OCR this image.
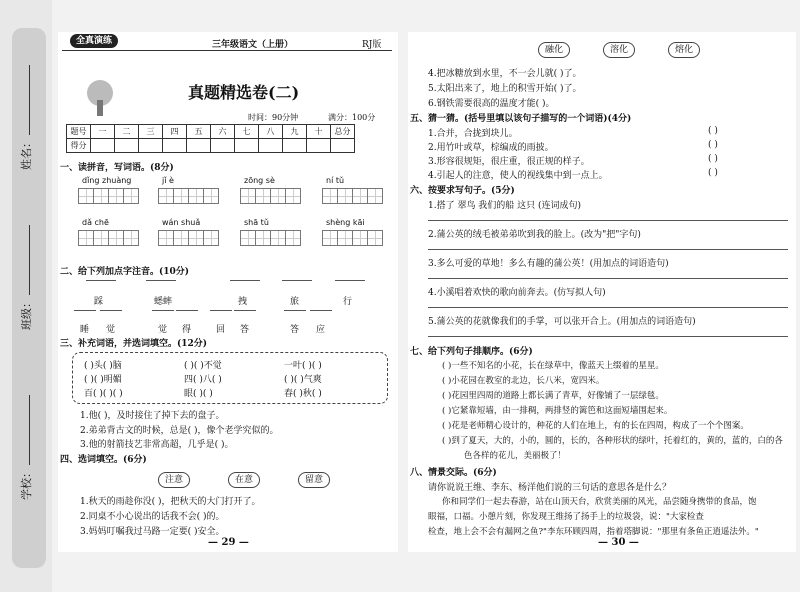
姓名：
班级：
学校：
全真演练	三年级语文（上册）	RJ版
真题精选卷(二)
时间：90分钟	满分：100分
题号	一	二	三	四	五	六	七	八	九	十	总分
得分											
一、读拼音，写词语。(8分)
二、给下列加点字注音。(10分)
三、补充词语，并选词填空。(12分)
1.他( )，及时接住了掉下去的盘子。
2.弟弟背古文的时候，总是( )，像个老学究似的。
3.他的射箭技艺非常高超，几乎是( )。
四、选词填空。(6分)
注意	在意	留意
1.秋天的雨趁你没( )，把秋天的大门打开了。
2.同桌不小心说出的话我不会( )的。
3.妈妈叮嘱我过马路一定要( )安全。
— 29 —
dǐng zhuàng	jǐ è	zōng sè	ní tǔ
dǎ chē	wán shuǎ	shā tǔ	shèng kāi
踩	蟋蟀	拽	旅	行
睡 觉	觉 得	回 答	答 应
( )头( )脑	( )( )不觉	一叶( )( )
( )( )明媚	四( )八( )	( )( )气爽
百( )( )( )	眼( )( )	春( )秋( )
融化	溶化	熔化
4.把冰糖放到水里，不一会儿就( )了。
5.太阳出来了，地上的积雪开始( )了。
6.钢铁需要很高的温度才能( )。
五、猜一猜。(括号里填以该句子描写的一个词语)(4分)
六、按要求写句子。(5分)
七、给下列句子排顺序。(6分)
八、情景交际。(6分)
请你说说王维、李东、杨洋他们说的三句话的意思各是什么？
你和同学们一起去春游，站在山顶天台，欣赏美丽的风光，品尝随身携带的食品，饱
眼福，口福。小憩片刻，你发现王维扬了扬手上的垃圾袋，说："大家检查
检查，地上会不会有漏网之鱼?"李东环顾四周，指着塔脚说："那里有条鱼正逍遥法外。"
— 30 —
1.合并，合拢到块儿。	( )
2.用竹叶或草，棕编成的雨披。	( )
3.形容很规矩，很庄重，很正规的样子。	( )
4.引起人的注意，使人的视线集中到一点上。	( )
1.搭了 翠鸟 我们的船 这只 (连词成句)
2.蒲公英的绒毛被弟弟吹到我的脸上。(改为"把"字句)
3.多么可爱的草地！多么有趣的蒲公英！(用加点的词语造句)
4.小溪唱着欢快的歌向前奔去。(仿写拟人句)
5.蒲公英的花就像我们的手掌，可以张开合上。(用加点的词语造句)
( )一些不知名的小花，长在绿草中，像蓝天上缀着的星星。
( )小花园在教室的北边，长八米，宽四米。
( )花园里四周的道路上都长满了青草，好像铺了一层绿毯。
( )它紧靠短墙，由一排稠，两排竖的篱笆和这面短墙围起来。
( )花是老师精心设计的，种花的人们在地上，有的长在四周，构成了一个个图案。
( )到了夏天，大的，小的，圆的，长的，各种形状的绿叶，托着红的，黄的，蓝的，白的各
色各样的花儿，美丽极了！
